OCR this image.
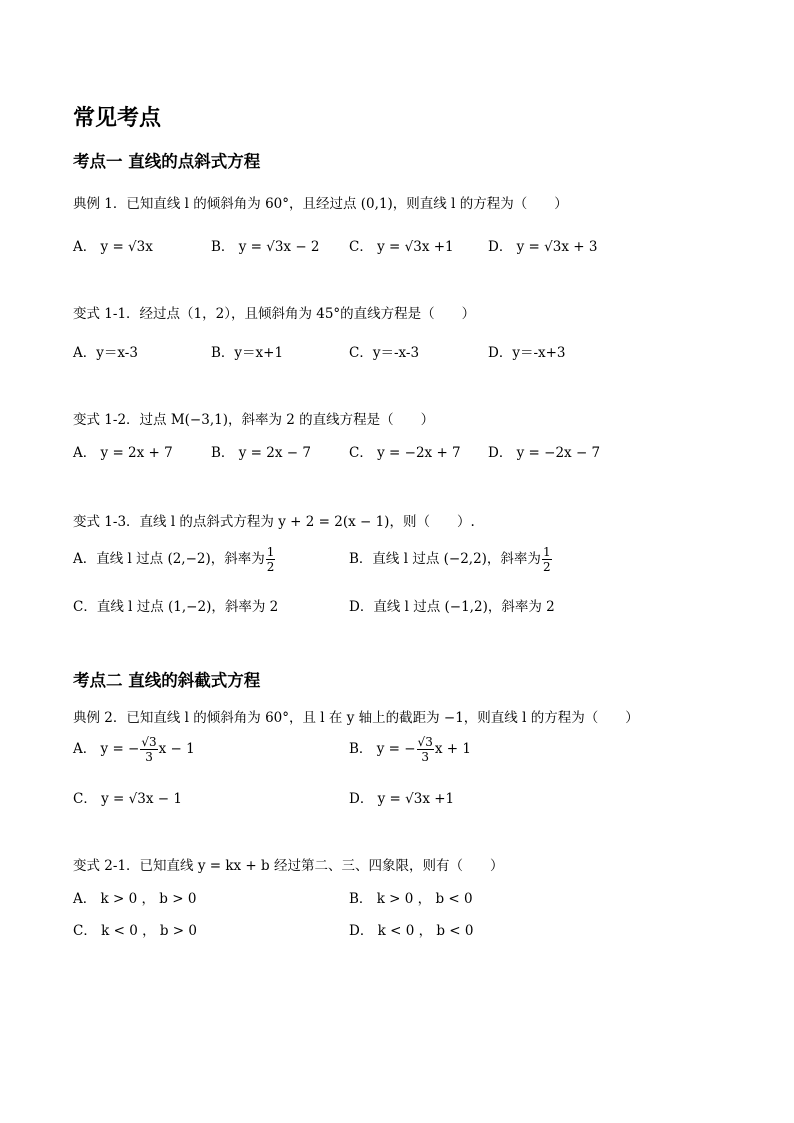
常见考点
考点一 直线的点斜式方程
典例 1．已知直线 l 的倾斜角为 60°，且经过点 (0,1)，则直线 l 的方程为（　　）
A． y = √3x	B． y = √3x − 2 C． y = √3x +1	D． y = √3x + 3
变式 1-1．经过点（1，2），且倾斜角为 45°的直线方程是（　　）
A．y＝x-3	B．y＝x+1	C．y＝-x-3	D．y＝-x+3
变式 1-2．过点 M(−3,1)，斜率为 2 的直线方程是（　　）
A． y = 2x + 7	B． y = 2x − 7	C． y = −2x + 7 D． y = −2x − 7
变式 1-3．直线 l 的点斜式方程为 y + 2 = 2(x − 1)，则（　　）.
A．直线 l 过点 (2,−2)，斜率为 $\frac{1}{2}$	B．直线 l 过点 (−2,2)，斜率为 $\frac{1}{2}$
C．直线 l 过点 (1,−2)，斜率为 2	D．直线 l 过点 (−1,2)，斜率为 2
考点二 直线的斜截式方程
典例 2．已知直线 l 的倾斜角为 60°，且 l 在 y 轴上的截距为 −1，则直线 l 的方程为（　　）
A． y = − $\frac{√3}{3}$ x − 1	B． y = − $\frac{√3}{3}$ x + 1
C． y = √3x − 1	D． y = √3x +1
变式 2-1．已知直线 y = kx + b 经过第二、三、四象限，则有（　　）
A． k > 0 ， b > 0	B． k > 0 ， b < 0
C． k < 0 ， b > 0	D． k < 0 ， b < 0
